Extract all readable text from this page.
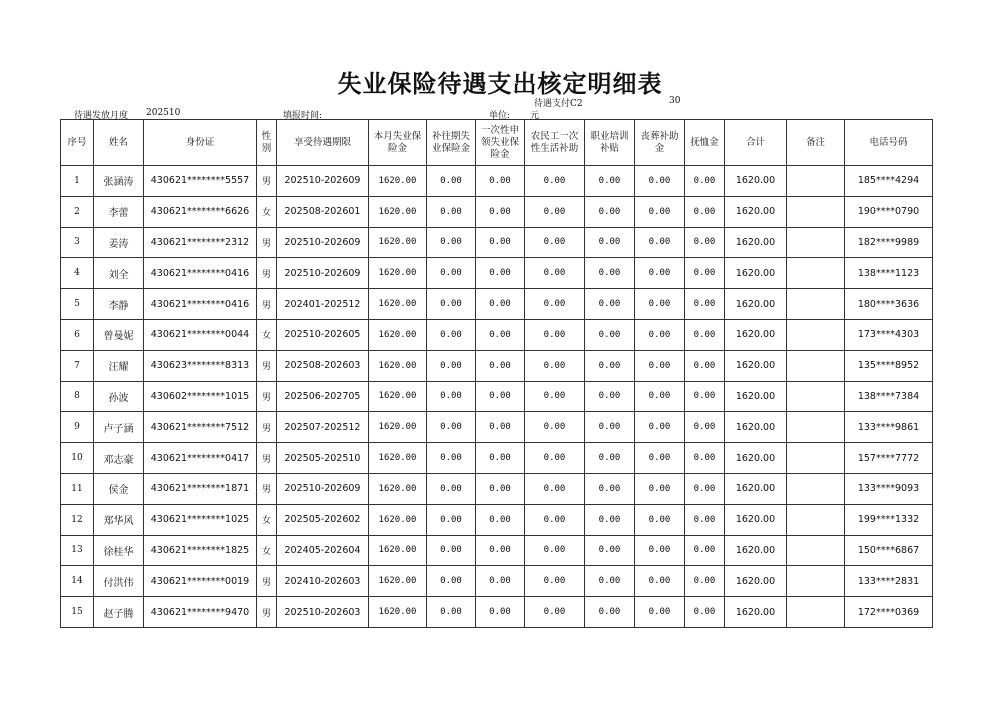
失业保险待遇支出核定明细表
待遇支付C2	30
待遇发放月度 202510	填报时间:	单位: 元
序号	姓名	身份证	性别	享受待遇期限	本月失业保险金	补往期失业保险金	一次性申领失业保险金	农民工一次性生活补助	职业培训补贴	丧葬补助金	抚恤金	合计	备注	电话号码
1	张涵涛	430621********5557	男	202510-202609	1620.00	0.00	0.00	0.00	0.00	0.00	0.00	1620.00		185****4294
2	李蕾	430621********6626	女	202508-202601	1620.00	0.00	0.00	0.00	0.00	0.00	0.00	1620.00		190****0790
3	姜涛	430621********2312	男	202510-202609	1620.00	0.00	0.00	0.00	0.00	0.00	0.00	1620.00		182****9989
4	刘全	430621********0416	男	202510-202609	1620.00	0.00	0.00	0.00	0.00	0.00	0.00	1620.00		138****1123
5	李静	430621********0416	男	202401-202512	1620.00	0.00	0.00	0.00	0.00	0.00	0.00	1620.00		180****3636
6	曾曼妮	430621********0044	女	202510-202605	1620.00	0.00	0.00	0.00	0.00	0.00	0.00	1620.00		173****4303
7	汪耀	430623********8313	男	202508-202603	1620.00	0.00	0.00	0.00	0.00	0.00	0.00	1620.00		135****8952
8	孙波	430602********1015	男	202506-202705	1620.00	0.00	0.00	0.00	0.00	0.00	0.00	1620.00		138****7384
9	卢子涵	430621********7512	男	202507-202512	1620.00	0.00	0.00	0.00	0.00	0.00	0.00	1620.00		133****9861
10	邓志豪	430621********0417	男	202505-202510	1620.00	0.00	0.00	0.00	0.00	0.00	0.00	1620.00		157****7772
11	侯金	430621********1871	男	202510-202609	1620.00	0.00	0.00	0.00	0.00	0.00	0.00	1620.00		133****9093
12	郑华风	430621********1025	女	202505-202602	1620.00	0.00	0.00	0.00	0.00	0.00	0.00	1620.00		199****1332
13	徐桂华	430621********1825	女	202405-202604	1620.00	0.00	0.00	0.00	0.00	0.00	0.00	1620.00		150****6867
14	付洪伟	430621********0019	男	202410-202603	1620.00	0.00	0.00	0.00	0.00	0.00	0.00	1620.00		133****2831
15	赵子腾	430621********9470	男	202510-202603	1620.00	0.00	0.00	0.00	0.00	0.00	0.00	1620.00		172****0369
